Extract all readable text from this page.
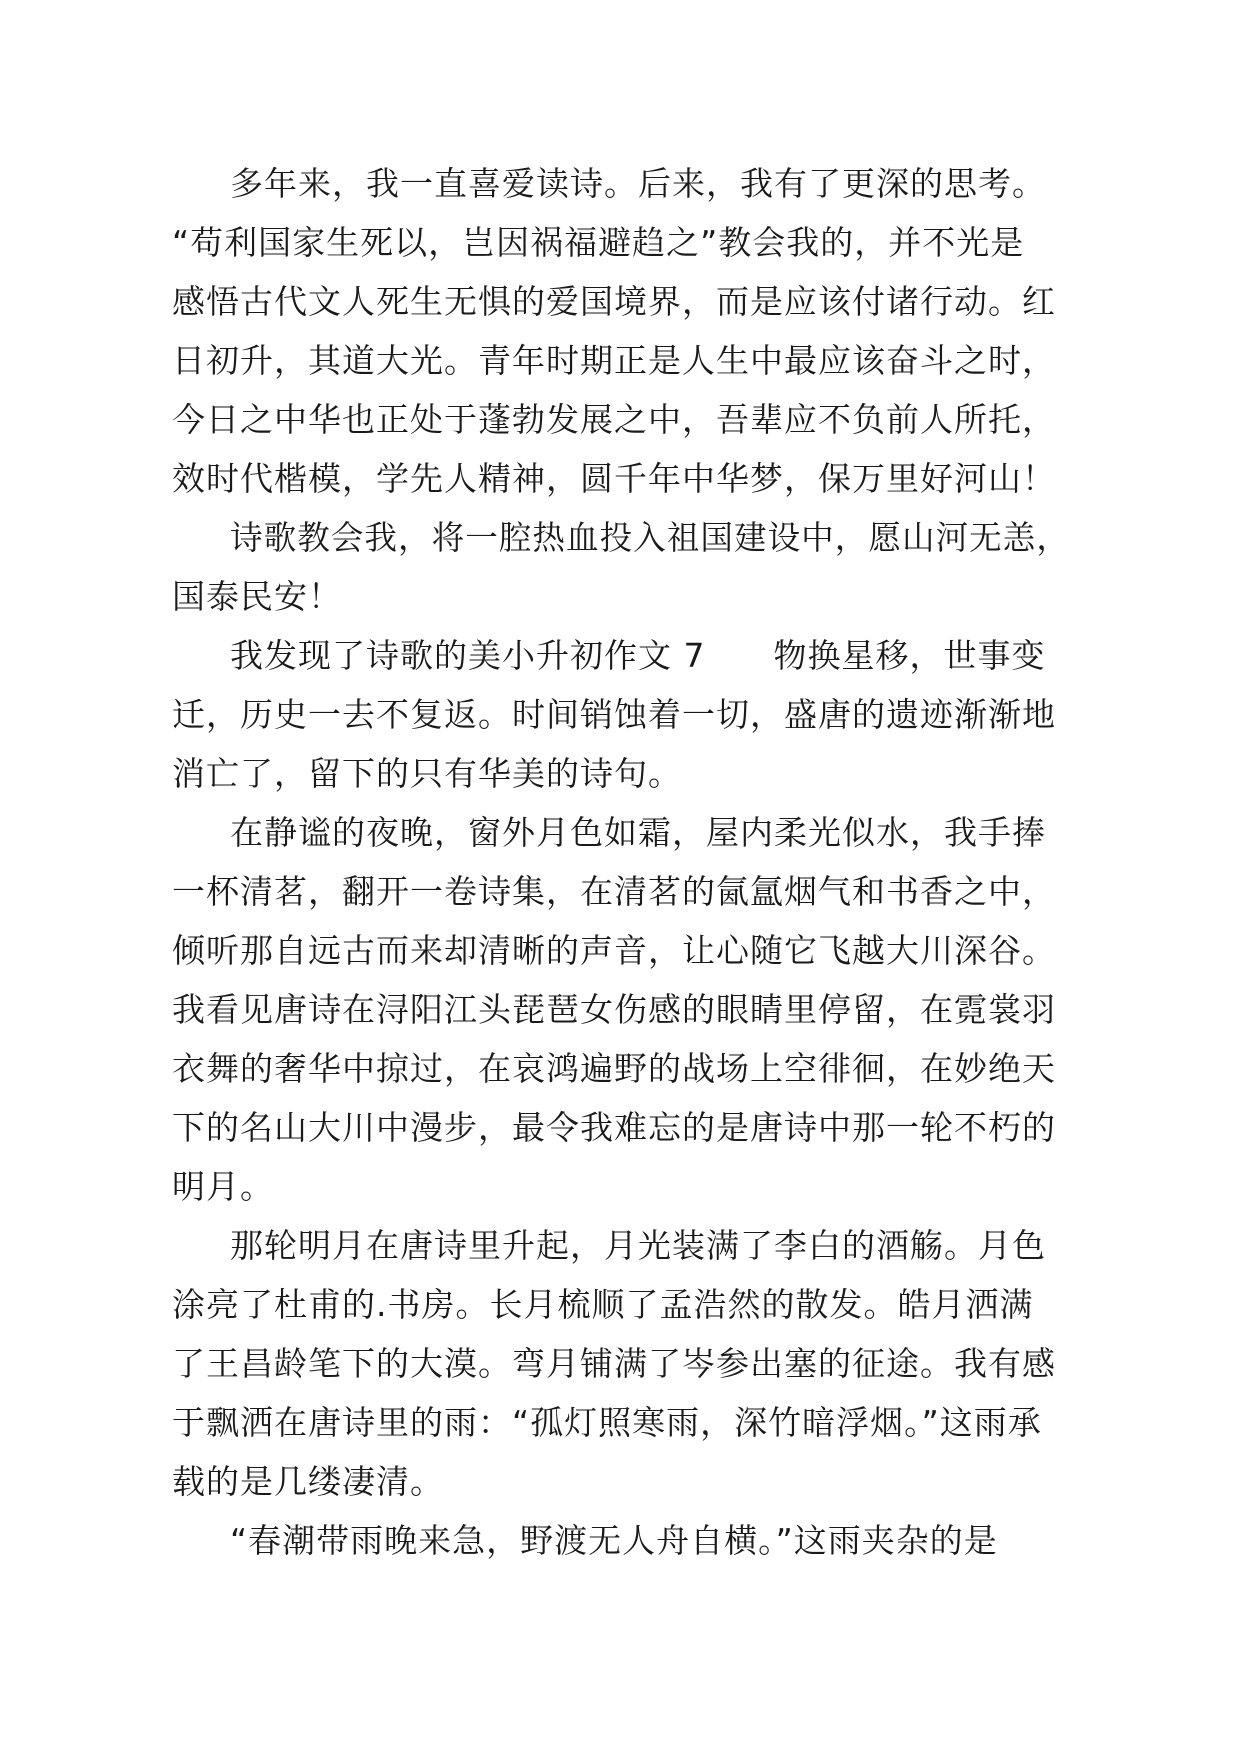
多年来，我一直喜爱读诗。后来，我有了更深的思考。
“苟利国家生死以，岂因祸福避趋之”教会我的，并不光是
感悟古代文人死生无惧的爱国境界，而是应该付诸行动。红
日初升，其道大光。青年时期正是人生中最应该奋斗之时，
今日之中华也正处于蓬勃发展之中，吾辈应不负前人所托，
效时代楷模，学先人精神，圆千年中华梦，保万里好河山！
诗歌教会我，将一腔热血投入祖国建设中，愿山河无恙，
国泰民安！
我发现了诗歌的美小升初作文 7　　物换星移，世事变
迁，历史一去不复返。时间销蚀着一切，盛唐的遗迹渐渐地
消亡了，留下的只有华美的诗句。
在静谧的夜晚，窗外月色如霜，屋内柔光似水，我手捧
一杯清茗，翻开一卷诗集，在清茗的氤氲烟气和书香之中，
倾听那自远古而来却清晰的声音，让心随它飞越大川深谷。
我看见唐诗在浔阳江头琵琶女伤感的眼睛里停留，在霓裳羽
衣舞的奢华中掠过，在哀鸿遍野的战场上空徘徊，在妙绝天
下的名山大川中漫步，最令我难忘的是唐诗中那一轮不朽的
明月。
那轮明月在唐诗里升起，月光装满了李白的酒觞。月色
涂亮了杜甫的.书房。长月梳顺了孟浩然的散发。皓月洒满
了王昌龄笔下的大漠。弯月铺满了岑参出塞的征途。我有感
于飘洒在唐诗里的雨：“孤灯照寒雨，深竹暗浮烟。”这雨承
载的是几缕凄清。
“春潮带雨晚来急，野渡无人舟自横。”这雨夹杂的是
